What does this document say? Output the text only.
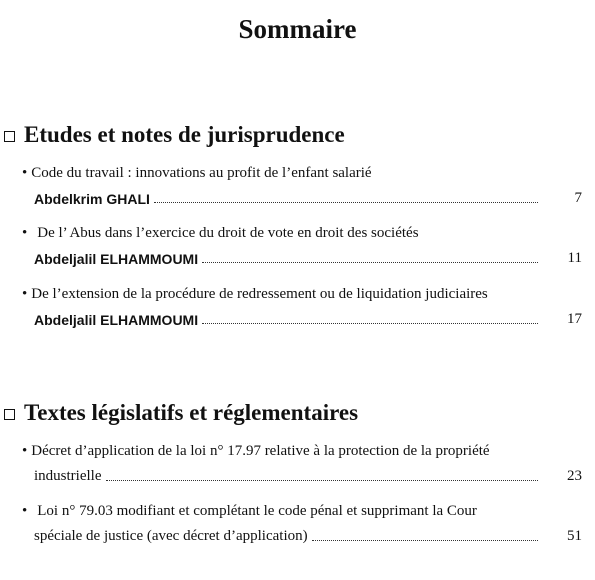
Sommaire
Etudes et notes de jurisprudence
• Code du travail : innovations au profit de l’enfant salarié
Abdelkrim GHALI	7
• De l’ Abus dans l’exercice du droit de vote en droit des sociétés
Abdeljalil ELHAMMOUMI	11
• De l’extension de la procédure de redressement ou de liquidation judiciaires
Abdeljalil ELHAMMOUMI	17
Textes législatifs et réglementaires
• Décret d’application de la loi n° 17.97 relative à la protection de la propriété
industrielle	23
• Loi n° 79.03 modifiant et complétant le code pénal et supprimant la Cour
spéciale de justice (avec décret d’application)	51
